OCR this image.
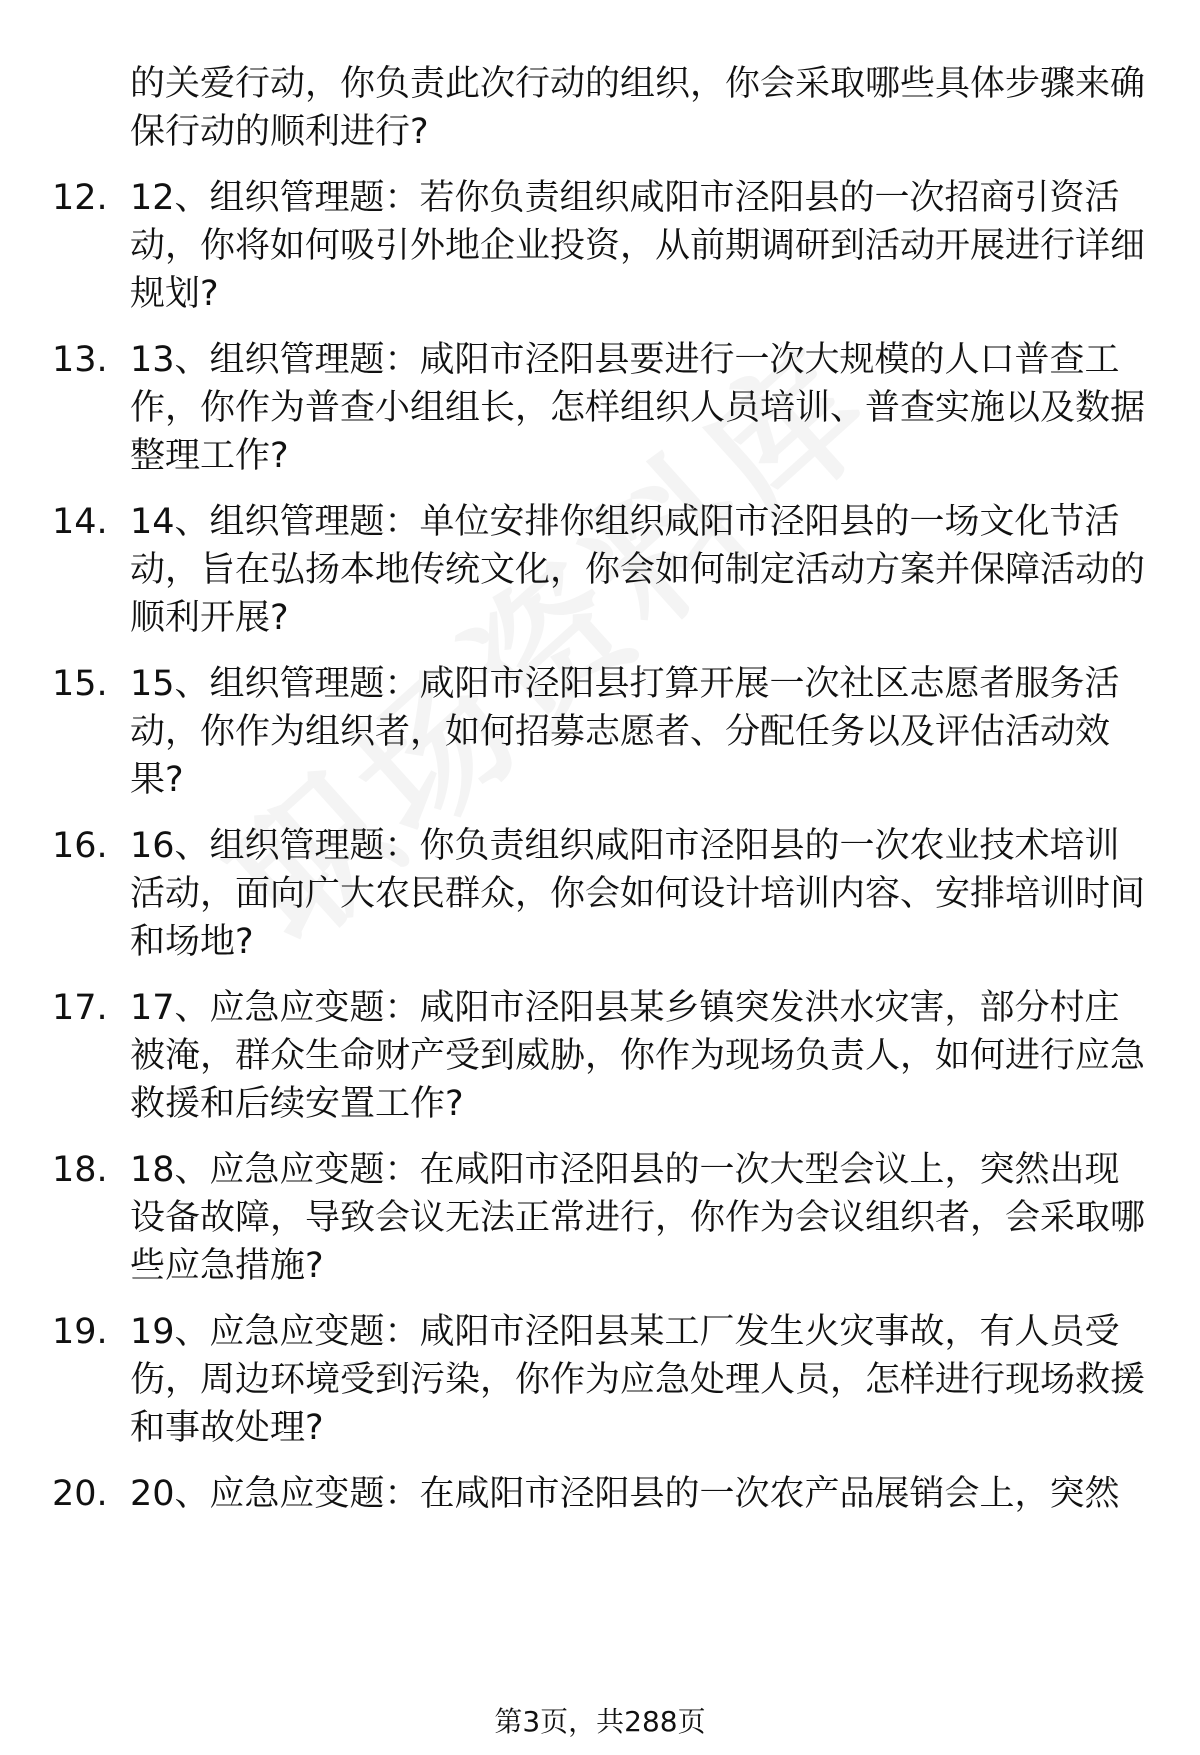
的关爱行动，你负责此次行动的组织，你会采取哪些具体步骤来确保行动的顺利进行?
12. 12、组织管理题：若你负责组织咸阳市泾阳县的一次招商引资活动，你将如何吸引外地企业投资，从前期调研到活动开展进行详细规划?
13. 13、组织管理题：咸阳市泾阳县要进行一次大规模的人口普查工作，你作为普查小组组长，怎样组织人员培训、普查实施以及数据整理工作?
14. 14、组织管理题：单位安排你组织咸阳市泾阳县的一场文化节活动，旨在弘扬本地传统文化，你会如何制定活动方案并保障活动的顺利开展?
15. 15、组织管理题：咸阳市泾阳县打算开展一次社区志愿者服务活动，你作为组织者，如何招募志愿者、分配任务以及评估活动效果?
16. 16、组织管理题：你负责组织咸阳市泾阳县的一次农业技术培训活动，面向广大农民群众，你会如何设计培训内容、安排培训时间和场地?
17. 17、应急应变题：咸阳市泾阳县某乡镇突发洪水灾害，部分村庄被淹，群众生命财产受到威胁，你作为现场负责人，如何进行应急救援和后续安置工作?
18. 18、应急应变题：在咸阳市泾阳县的一次大型会议上，突然出现设备故障，导致会议无法正常进行，你作为会议组织者，会采取哪些应急措施?
19. 19、应急应变题：咸阳市泾阳县某工厂发生火灾事故，有人员受伤，周边环境受到污染，你作为应急处理人员，怎样进行现场救援和事故处理?
20. 20、应急应变题：在咸阳市泾阳县的一次农产品展销会上，突然
第3页，共288页
